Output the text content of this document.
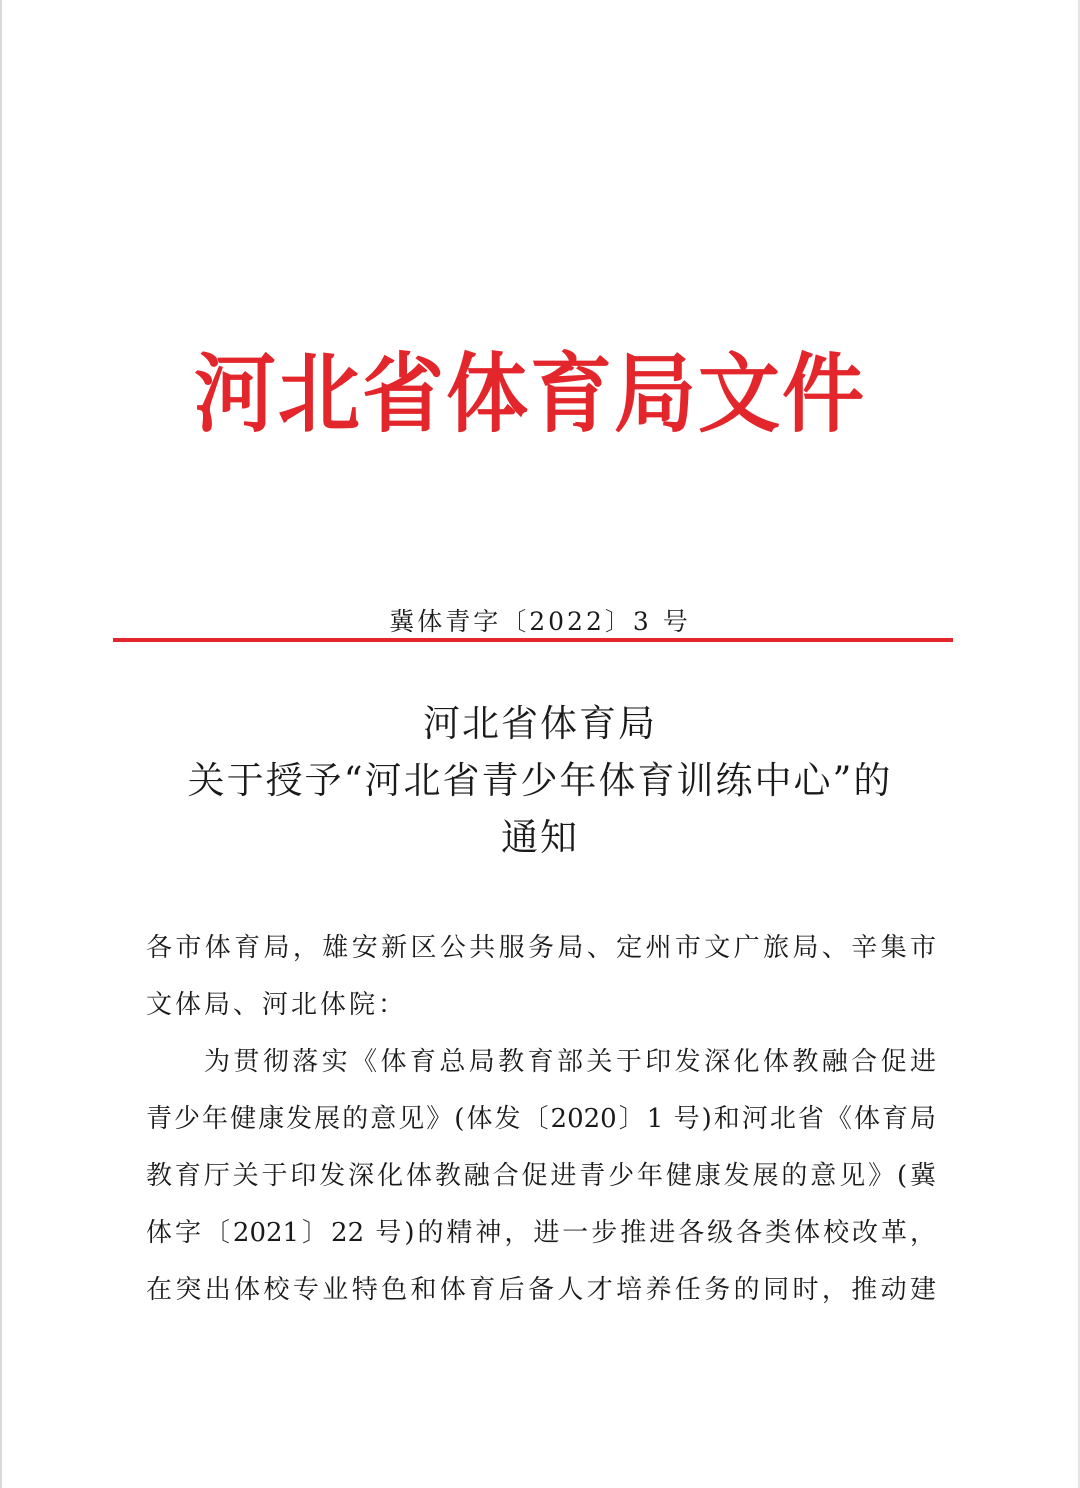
河北省体育局文件
冀体青字〔2022〕3 号
河北省体育局
关于授予“河北省青少年体育训练中心”的
通知
各市体育局，雄安新区公共服务局、定州市文广旅局、辛集市
文体局、河北体院：
为贯彻落实《体育总局教育部关于印发深化体教融合促进
青少年健康发展的意见》(体发〔2020〕1 号)和河北省《体育局
教育厅关于印发深化体教融合促进青少年健康发展的意见》(冀
体字〔2021〕22 号)的精神，进一步推进各级各类体校改革，
在突出体校专业特色和体育后备人才培养任务的同时，推动建
